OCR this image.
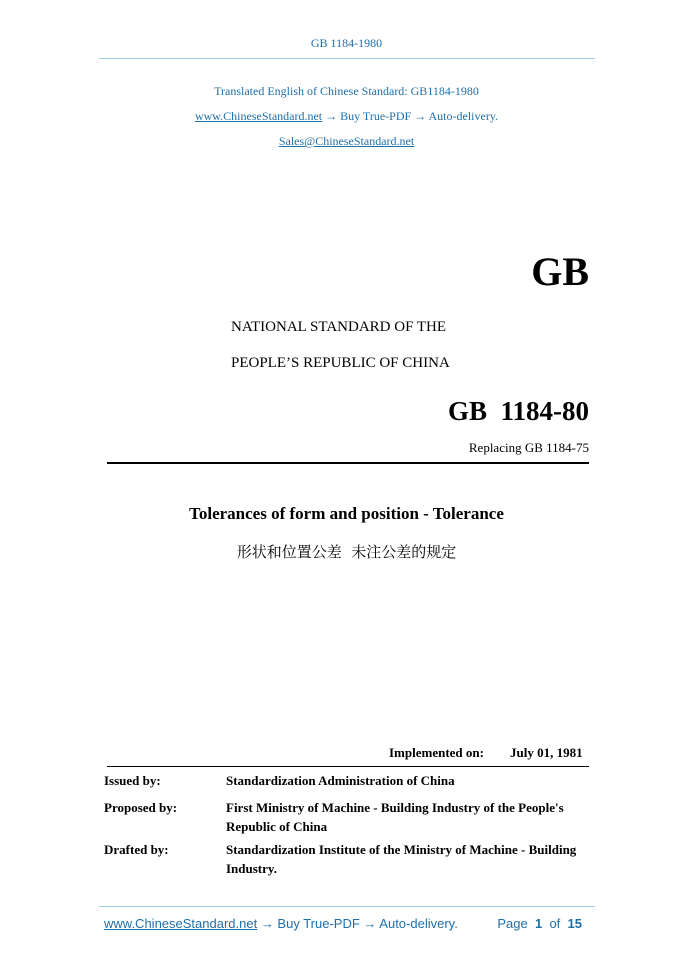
GB 1184-1980
Translated English of Chinese Standard: GB1184-1980
www.ChineseStandard.net → Buy True-PDF → Auto-delivery.
Sales@ChineseStandard.net
GB
NATIONAL STANDARD OF THE
PEOPLE’S REPUBLIC OF CHINA
GB  1184-80
Replacing GB 1184-75
Tolerances of form and position - Tolerance
形状和位置公差  未注公差的规定
Implemented on: July 01, 1981
Issued by:	Standardization Administration of China
Proposed by:	First Ministry of Machine - Building Industry of the People's Republic of China
Drafted by:	Standardization Institute of the Ministry of Machine - Building Industry.
www.ChineseStandard.net → Buy True-PDF → Auto-delivery.	Page 1 of 15
